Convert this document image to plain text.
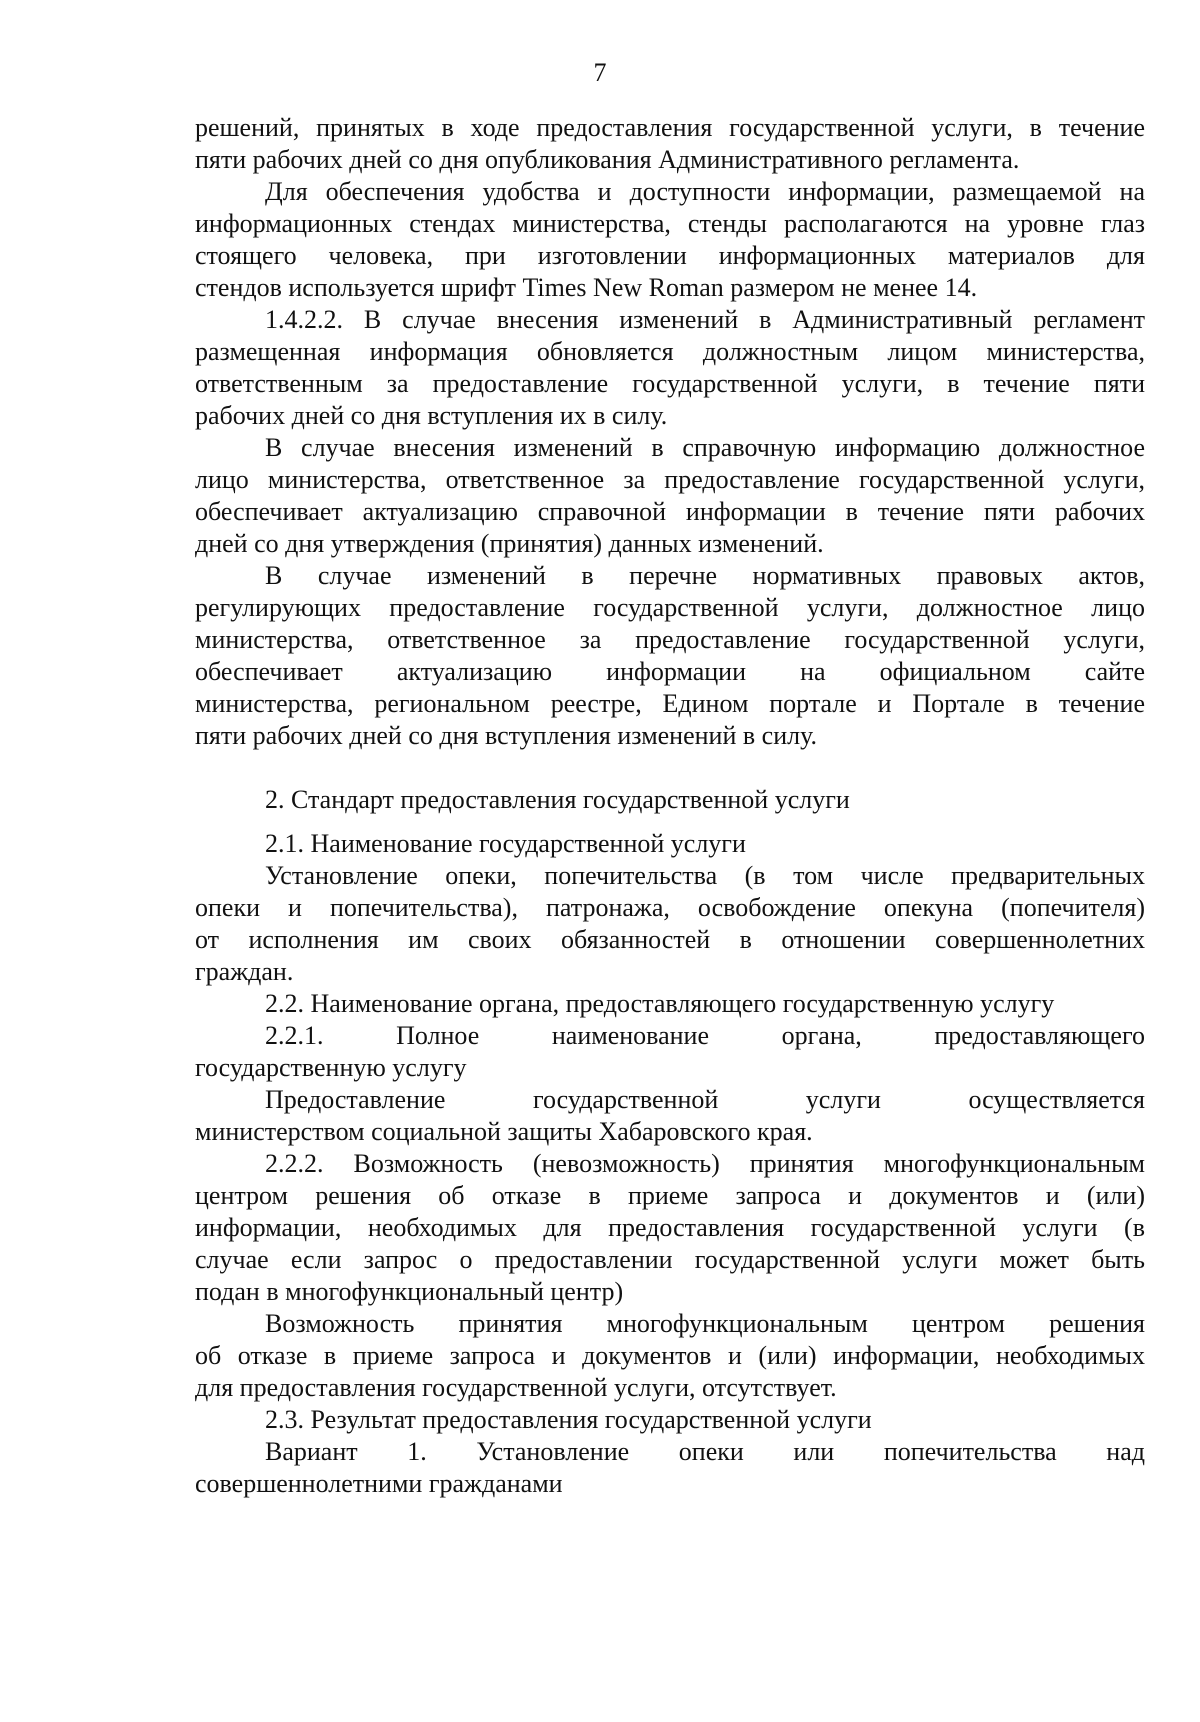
7
решений, принятых в ходе предоставления государственной услуги, в течение
пяти рабочих дней со дня опубликования Административного регламента.
Для обеспечения удобства и доступности информации, размещаемой на
информационных стендах министерства, стенды располагаются на уровне глаз
стоящего человека, при изготовлении информационных материалов для
стендов используется шрифт Times New Roman размером не менее 14.
1.4.2.2. В случае внесения изменений в Административный регламент
размещенная информация обновляется должностным лицом министерства,
ответственным за предоставление государственной услуги, в течение пяти
рабочих дней со дня вступления их в силу.
В случае внесения изменений в справочную информацию должностное
лицо министерства, ответственное за предоставление государственной услуги,
обеспечивает актуализацию справочной информации в течение пяти рабочих
дней со дня утверждения (принятия) данных изменений.
В случае изменений в перечне нормативных правовых актов,
регулирующих предоставление государственной услуги, должностное лицо
министерства, ответственное за предоставление государственной услуги,
обеспечивает актуализацию информации на официальном сайте
министерства, региональном реестре, Едином портале и Портале в течение
пяти рабочих дней со дня вступления изменений в силу.
2. Стандарт предоставления государственной услуги
2.1. Наименование государственной услуги
Установление опеки, попечительства (в том числе предварительных
опеки и попечительства), патронажа, освобождение опекуна (попечителя)
от исполнения им своих обязанностей в отношении совершеннолетних
граждан.
2.2. Наименование органа, предоставляющего государственную услугу
2.2.1. Полное наименование органа, предоставляющего
государственную услугу
Предоставление государственной услуги осуществляется
министерством социальной защиты Хабаровского края.
2.2.2. Возможность (невозможность) принятия многофункциональным
центром решения об отказе в приеме запроса и документов и (или)
информации, необходимых для предоставления государственной услуги (в
случае если запрос о предоставлении государственной услуги может быть
подан в многофункциональный центр)
Возможность принятия многофункциональным центром решения
об отказе в приеме запроса и документов и (или) информации, необходимых
для предоставления государственной услуги, отсутствует.
2.3. Результат предоставления государственной услуги
Вариант 1. Установление опеки или попечительства над
совершеннолетними гражданами
